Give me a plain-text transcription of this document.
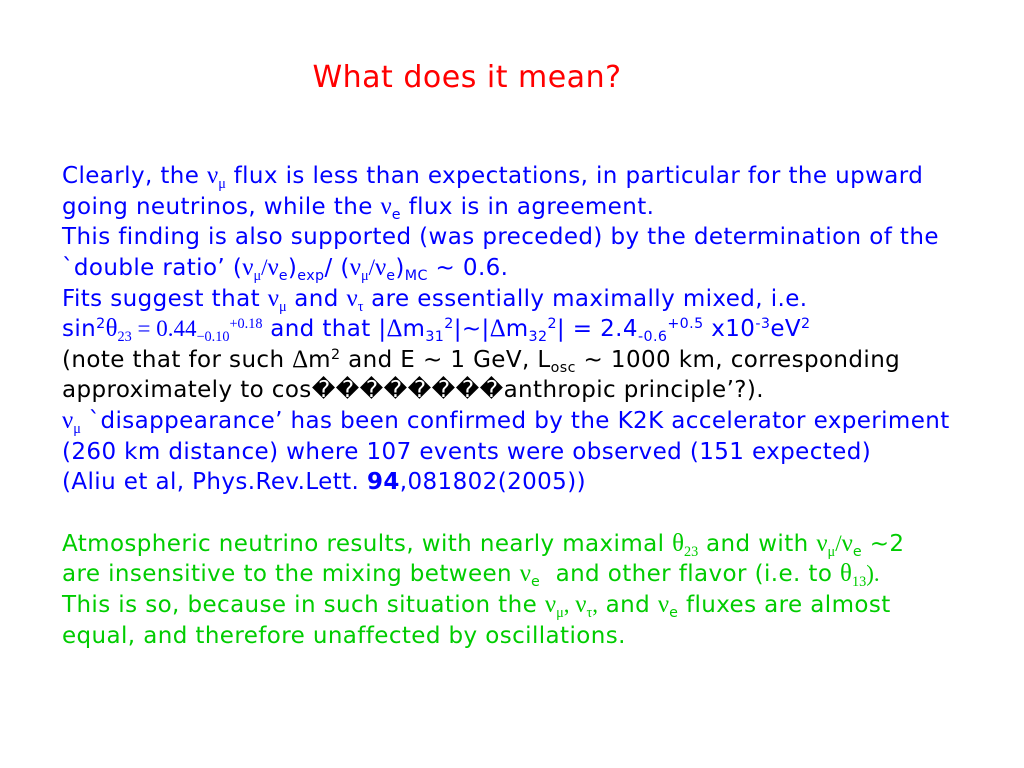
What does it mean?
Clearly, the ν μ flux is less than expectations, in particular for the upward
going neutrinos, while the ν e flux is in agreement.
This finding is also supported (was preceded) by the determination of the
`double ratio’ ( ν μ / ν e ) exp / ( ν μ / ν e ) MC ~ 0.6.
Fits suggest that ν μ and ν τ are essentially maximally mixed, i.e.
sin 2 θ 23 = 0.44 −0.10
+0.18 and that | Δ m 31
2 |~| Δ m 32
2 | = 2.4 -0.6
+0.5 x10 -3 eV 2
(note that for such Δ m 2 and E ~ 1 GeV, L osc ~ 1000 km, corresponding
approximately to cos��������anthropic principle’?).
ν μ `disappearance’ has been confirmed by the K2K accelerator experiment
(260 km distance) where 107 events were observed (151 expected)
(Aliu et al, Phys.Rev.Lett. 94 ,081802(2005))
Atmospheric neutrino results, with nearly maximal θ 23 and with ν μ / ν e ~2
are insensitive to the mixing between ν e and other flavor (i.e. to θ 13 ).
This is so, because in such situation the ν μ , ν τ , and ν e fluxes are almost
equal, and therefore unaffected by oscillations.
